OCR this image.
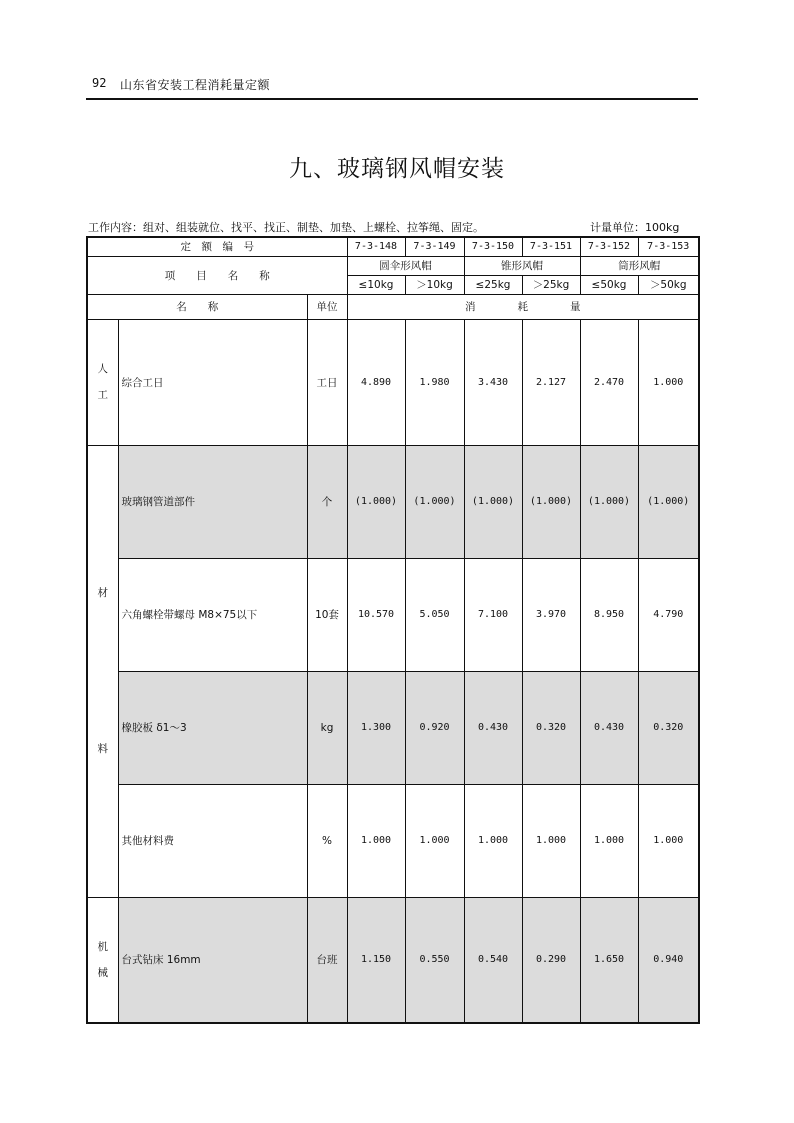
92 山东省安装工程消耗量定额
九、玻璃钢风帽安装
工作内容：组对、组装就位、找平、找正、制垫、加垫、上螺栓、拉筝绳、固定。	计量单位：100kg
定　额　编　号			7-3-148	7-3-149	7-3-150	7-3-151	7-3-152	7-3-153
项　　目　　名　　称			圆伞形风帽		锥形风帽		筒形风帽	
			≤10kg	＞10kg	≤25kg	＞25kg	≤50kg	＞50kg
名　　称		单位	消　　　　耗　　　　量					
人
工	综合工日	工日	4.890	1.980	3.430	2.127	2.470	1.000
材

料	玻璃钢管道部件	个	(1.000)	(1.000)	(1.000)	(1.000)	(1.000)	(1.000)
	六角螺栓带螺母 M8×75以下	10套	10.570	5.050	7.100	3.970	8.950	4.790
	橡胶板 δ1～3	kg	1.300	0.920	0.430	0.320	0.430	0.320
	其他材料费	%	1.000	1.000	1.000	1.000	1.000	1.000
机
械	台式钻床 16mm	台班	1.150	0.550	0.540	0.290	1.650	0.940
